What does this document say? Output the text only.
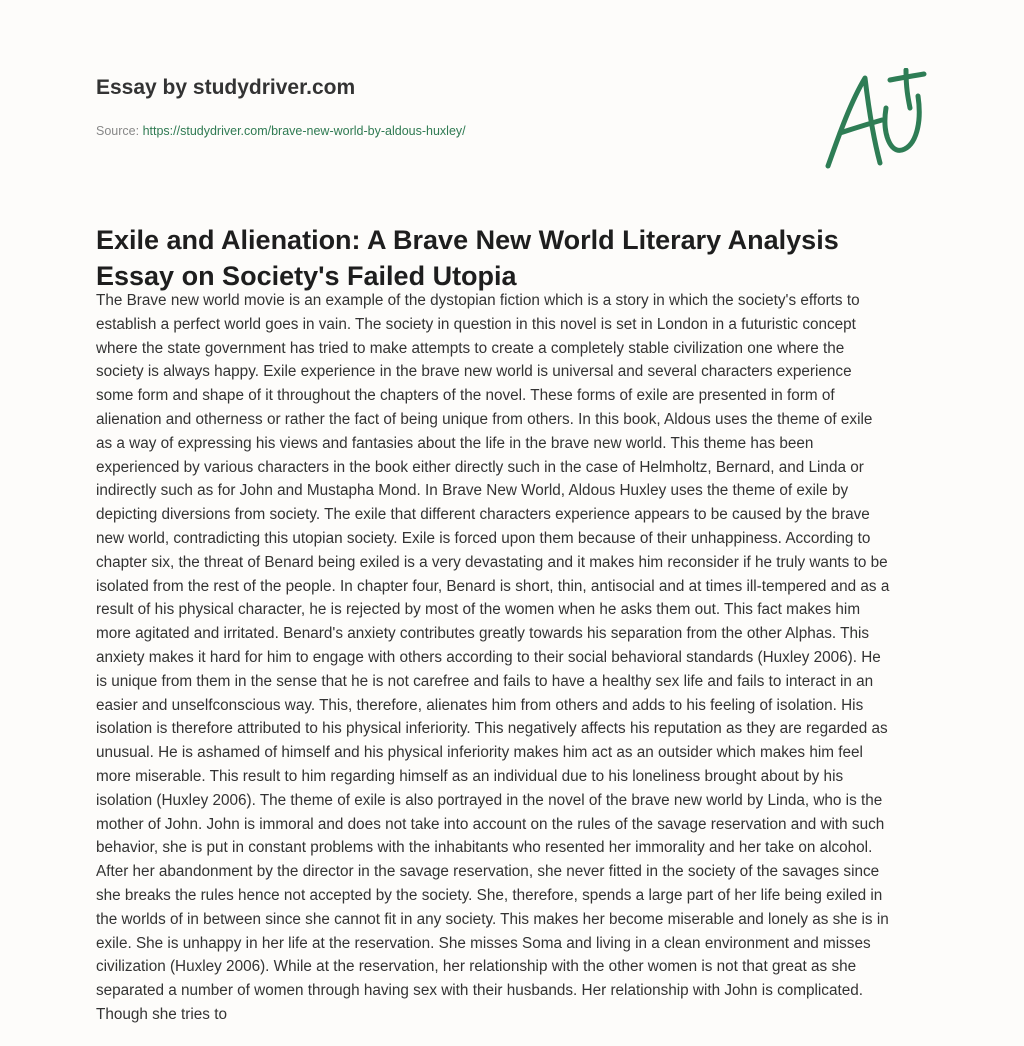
Essay by studydriver.com
Source: https://studydriver.com/brave-new-world-by-aldous-huxley/
Exile and Alienation: A Brave New World Literary Analysis
Essay on Society's Failed Utopia
The Brave new world movie is an example of the dystopian fiction which is a story in which the society's efforts to
establish a perfect world goes in vain. The society in question in this novel is set in London in a futuristic concept
where the state government has tried to make attempts to create a completely stable civilization one where the
society is always happy. Exile experience in the brave new world is universal and several characters experience
some form and shape of it throughout the chapters of the novel. These forms of exile are presented in form of
alienation and otherness or rather the fact of being unique from others. In this book, Aldous uses the theme of exile
as a way of expressing his views and fantasies about the life in the brave new world. This theme has been
experienced by various characters in the book either directly such in the case of Helmholtz, Bernard, and Linda or
indirectly such as for John and Mustapha Mond. In Brave New World, Aldous Huxley uses the theme of exile by
depicting diversions from society. The exile that different characters experience appears to be caused by the brave
new world, contradicting this utopian society. Exile is forced upon them because of their unhappiness. According to
chapter six, the threat of Benard being exiled is a very devastating and it makes him reconsider if he truly wants to be
isolated from the rest of the people. In chapter four, Benard is short, thin, antisocial and at times ill-tempered and as a
result of his physical character, he is rejected by most of the women when he asks them out. This fact makes him
more agitated and irritated. Benard's anxiety contributes greatly towards his separation from the other Alphas. This
anxiety makes it hard for him to engage with others according to their social behavioral standards (Huxley 2006). He
is unique from them in the sense that he is not carefree and fails to have a healthy sex life and fails to interact in an
easier and unselfconscious way. This, therefore, alienates him from others and adds to his feeling of isolation. His
isolation is therefore attributed to his physical inferiority. This negatively affects his reputation as they are regarded as
unusual. He is ashamed of himself and his physical inferiority makes him act as an outsider which makes him feel
more miserable. This result to him regarding himself as an individual due to his loneliness brought about by his
isolation (Huxley 2006). The theme of exile is also portrayed in the novel of the brave new world by Linda, who is the
mother of John. John is immoral and does not take into account on the rules of the savage reservation and with such
behavior, she is put in constant problems with the inhabitants who resented her immorality and her take on alcohol.
After her abandonment by the director in the savage reservation, she never fitted in the society of the savages since
she breaks the rules hence not accepted by the society. She, therefore, spends a large part of her life being exiled in
the worlds of in between since she cannot fit in any society. This makes her become miserable and lonely as she is in
exile. She is unhappy in her life at the reservation. She misses Soma and living in a clean environment and misses
civilization (Huxley 2006). While at the reservation, her relationship with the other women is not that great as she
separated a number of women through having sex with their husbands. Her relationship with John is complicated.
Though she tries to
